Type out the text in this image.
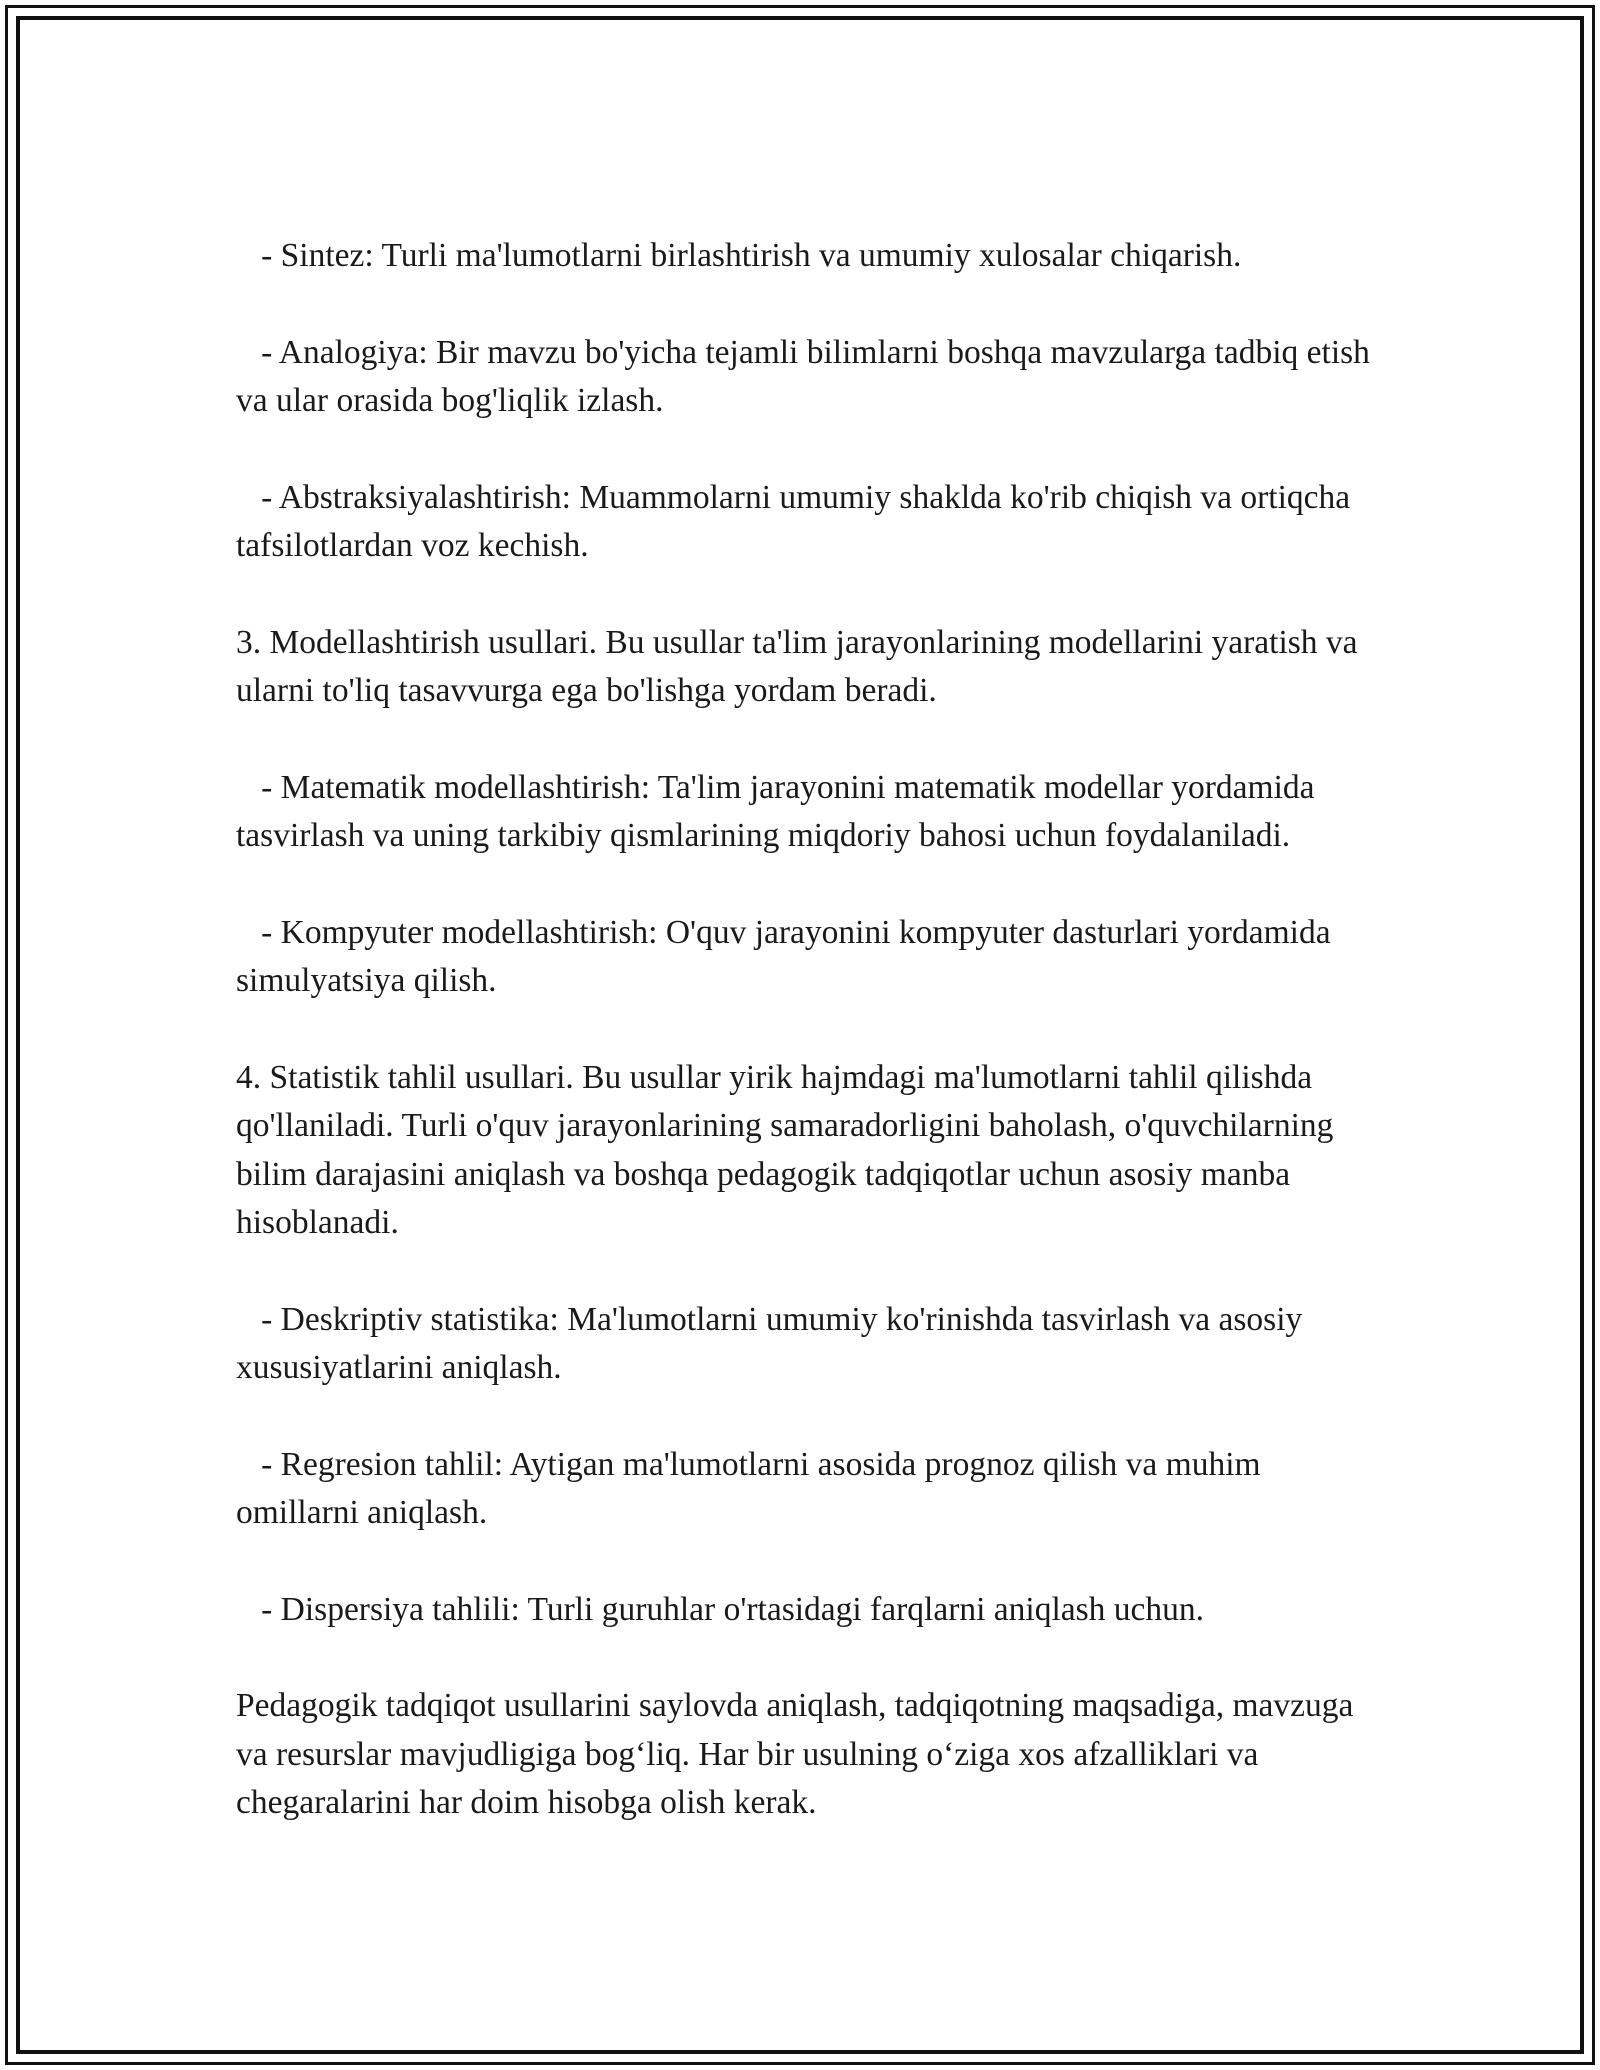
- Sintez: Turli ma'lumotlarni birlashtirish va umumiy xulosalar chiqarish.

- Analogiya: Bir mavzu bo'yicha tejamli bilimlarni boshqa mavzularga tadbiq etish va ular orasida bog'liqlik izlash.

- Abstraksiyalashtirish: Muammolarni umumiy shaklda ko'rib chiqish va ortiqcha tafsilotlardan voz kechish.

3. Modellashtirish usullari. Bu usullar ta'lim jarayonlarining modellarini yaratish va ularni to'liq tasavvurga ega bo'lishga yordam beradi.

- Matematik modellashtirish: Ta'lim jarayonini matematik modellar yordamida tasvirlash va uning tarkibiy qismlarining miqdoriy bahosi uchun foydalaniladi.

- Kompyuter modellashtirish: O'quv jarayonini kompyuter dasturlari yordamida simulyatsiya qilish.

4. Statistik tahlil usullari. Bu usullar yirik hajmdagi ma'lumotlarni tahlil qilishda qo'llaniladi. Turli o'quv jarayonlarining samaradorligini baholash, o'quvchilarning bilim darajasini aniqlash va boshqa pedagogik tadqiqotlar uchun asosiy manba hisoblanadi.

- Deskriptiv statistika: Ma'lumotlarni umumiy ko'rinishda tasvirlash va asosiy xususiyatlarini aniqlash.

- Regresion tahlil: Aytigan ma'lumotlarni asosida prognoz qilish va muhim omillarni aniqlash.

- Dispersiya tahlili: Turli guruhlar o'rtasidagi farqlarni aniqlash uchun.

Pedagogik tadqiqot usullarini saylovda aniqlash, tadqiqotning maqsadiga, mavzuga va resurslar mavjudligiga bog‘liq. Har bir usulning o‘ziga xos afzalliklari va chegaralarini har doim hisobga olish kerak.
